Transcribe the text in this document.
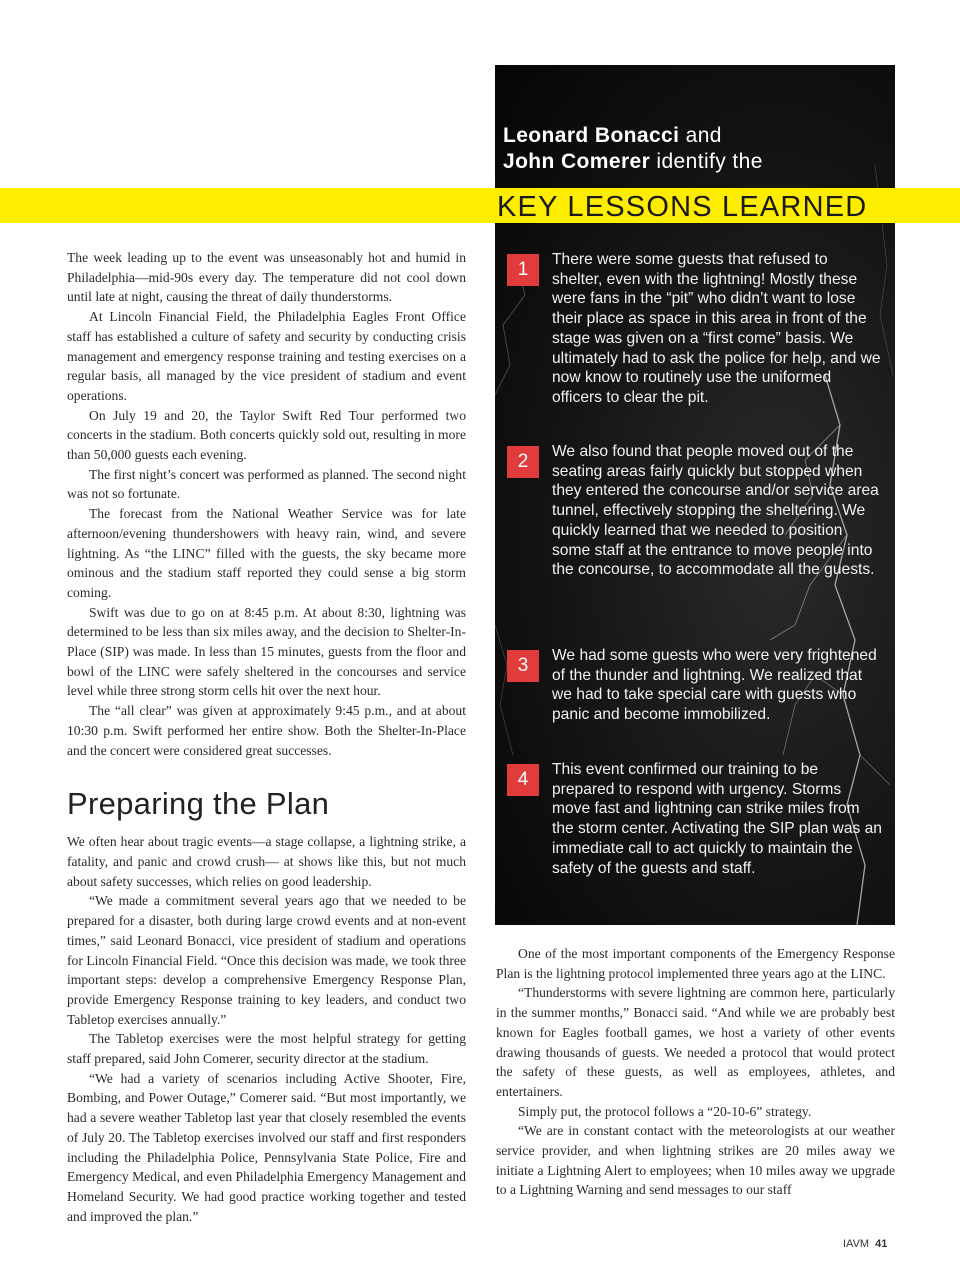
The week leading up to the event was unseasonably hot and humid in Philadelphia—mid-90s every day. The temperature did not cool down until late at night, causing the threat of daily thunderstorms.

At Lincoln Financial Field, the Philadelphia Eagles Front Office staff has established a culture of safety and security by conducting crisis management and emergency response training and testing exercises on a regular basis, all managed by the vice president of stadium and event operations.

On July 19 and 20, the Taylor Swift Red Tour performed two concerts in the stadium. Both concerts quickly sold out, resulting in more than 50,000 guests each evening.

The first night’s concert was performed as planned. The second night was not so fortunate.

The forecast from the National Weather Service was for late afternoon/evening thundershowers with heavy rain, wind, and severe lightning. As “the LINC” filled with the guests, the sky became more ominous and the stadium staff reported they could sense a big storm coming.

Swift was due to go on at 8:45 p.m. At about 8:30, lightning was determined to be less than six miles away, and the decision to Shelter-In-Place (SIP) was made. In less than 15 minutes, guests from the floor and bowl of the LINC were safely sheltered in the concourses and service level while three strong storm cells hit over the next hour.

The “all clear” was given at approximately 9:45 p.m., and at about 10:30 p.m. Swift performed her entire show. Both the Shelter-In-Place and the concert were considered great successes.

Preparing the Plan

We often hear about tragic events—a stage collapse, a lightning strike, a fatality, and panic and crowd crush— at shows like this, but not much about safety successes, which relies on good leadership.

“We made a commitment several years ago that we needed to be prepared for a disaster, both during large crowd events and at non-event times,” said Leonard Bonacci, vice president of stadium and operations for Lincoln Financial Field. “Once this decision was made, we took three important steps: develop a comprehensive Emergency Response Plan, provide Emergency Response training to key leaders, and conduct two Tabletop exercises annually.”

The Tabletop exercises were the most helpful strategy for getting staff prepared, said John Comerer, security director at the stadium.

“We had a variety of scenarios including Active Shooter, Fire, Bombing, and Power Outage,” Comerer said. “But most importantly, we had a severe weather Tabletop last year that closely resembled the events of July 20. The Tabletop exercises involved our staff and first responders including the Philadelphia Police, Pennsylvania State Police, Fire and Emergency Medical, and even Philadelphia Emergency Management and Homeland Security. We had good practice working together and tested and improved the plan.”

Leonard Bonacci and
John Comerer identify the
KEY LESSONS LEARNED
1	There were some guests that refused to shelter, even with the lightning! Mostly these were fans in the “pit” who didn’t want to lose their place as space in this area in front of the stage was given on a “first come” basis. We ultimately had to ask the police for help, and we now know to routinely use the uniformed officers to clear the pit.
2	We also found that people moved out of the seating areas fairly quickly but stopped when they entered the concourse and/or service area tunnel, effectively stopping the sheltering. We quickly learned that we needed to position some staff at the entrance to move people into the concourse, to accommodate all the guests.
3	We had some guests who were very frightened of the thunder and lightning. We realized that we had to take special care with guests who panic and become immobilized.
4	This event confirmed our training to be prepared to respond with urgency. Storms move fast and lightning can strike miles from the storm center. Activating the SIP plan was an immediate call to act quickly to maintain the safety of the guests and staff.

One of the most important components of the Emergency Response Plan is the lightning protocol implemented three years ago at the LINC.

“Thunderstorms with severe lightning are common here, particularly in the summer months,” Bonacci said. “And while we are probably best known for Eagles football games, we host a variety of other events drawing thousands of guests. We needed a protocol that would protect the safety of these guests, as well as employees, athletes, and entertainers.

Simply put, the protocol follows a “20-10-6” strategy.

“We are in constant contact with the meteorologists at our weather service provider, and when lightning strikes are 20 miles away we initiate a Lightning Alert to employees; when 10 miles away we upgrade to a Lightning Warning and send messages to our staff

IAVM 41
